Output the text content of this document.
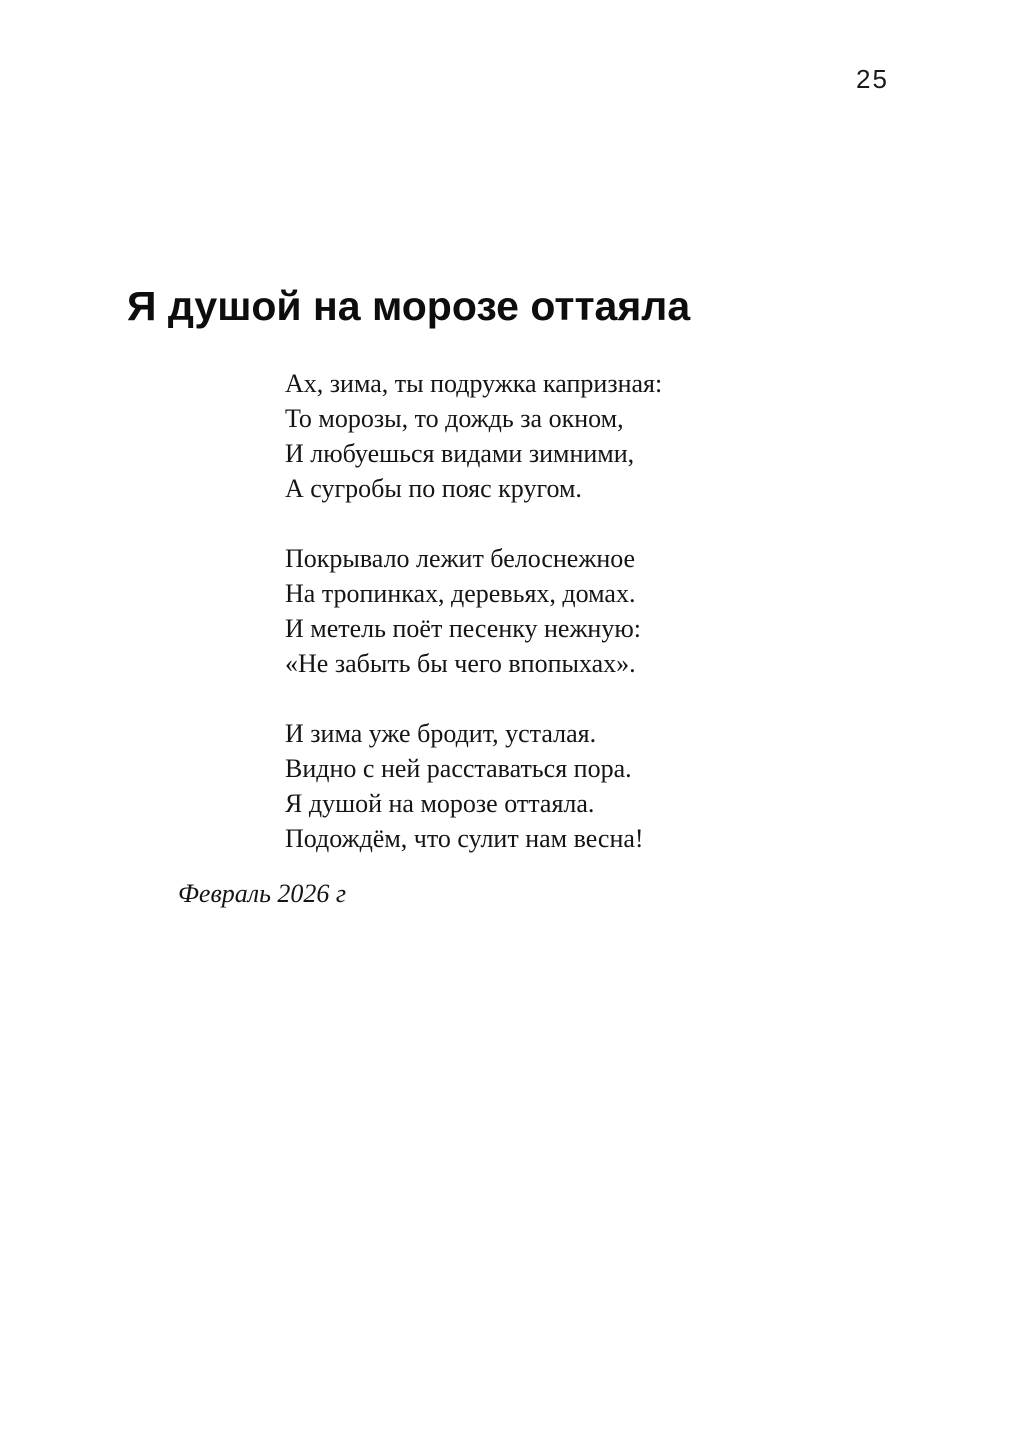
25
Я душой на морозе оттаяла
Ах, зима, ты подружка капризная:
То морозы, то дождь за окном,
И любуешься видами зимними,
А сугробы по пояс кругом.
Покрывало лежит белоснежное
На тропинках, деревьях, домах.
И метель поёт песенку нежную:
«Не забыть бы чего впопыхах».
И зима уже бродит, усталая.
Видно с ней расставаться пора.
Я душой на морозе оттаяла.
Подождём, что сулит нам весна!
Февраль 2026 г
